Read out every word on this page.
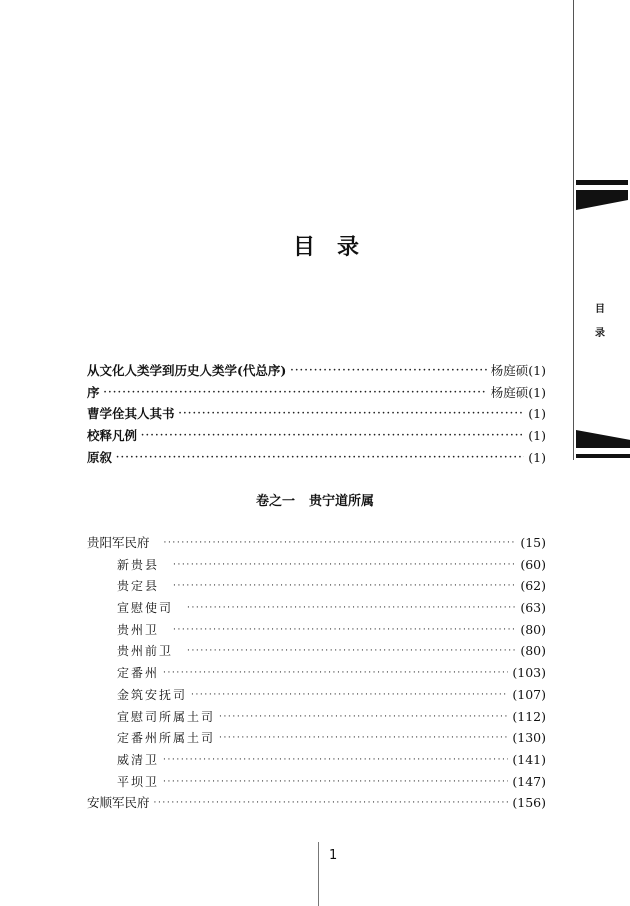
目
录
目录
从文化人类学到历史人类学(代总序) ·····	杨庭硕 (1)
序 ·····	杨庭硕 (1)
曹学佺其人其书 ·····	(1)
校释凡例 ·····	(1)
原叙 ·····	(1)
卷之一 贵宁道所属
贵阳军民府 ·····	(15)
新贵县 ·····	(60)
贵定县 ·····	(62)
宣慰使司 ·····	(63)
贵州卫 ·····	(80)
贵州前卫 ·····	(80)
定番州 ·····	(103)
金筑安抚司 ·····	(107)
宣慰司所属土司 ·····	(112)
定番州所属土司 ·····	(130)
威清卫 ·····	(141)
平坝卫 ·····	(147)
安顺军民府 ·····	(156)
1
